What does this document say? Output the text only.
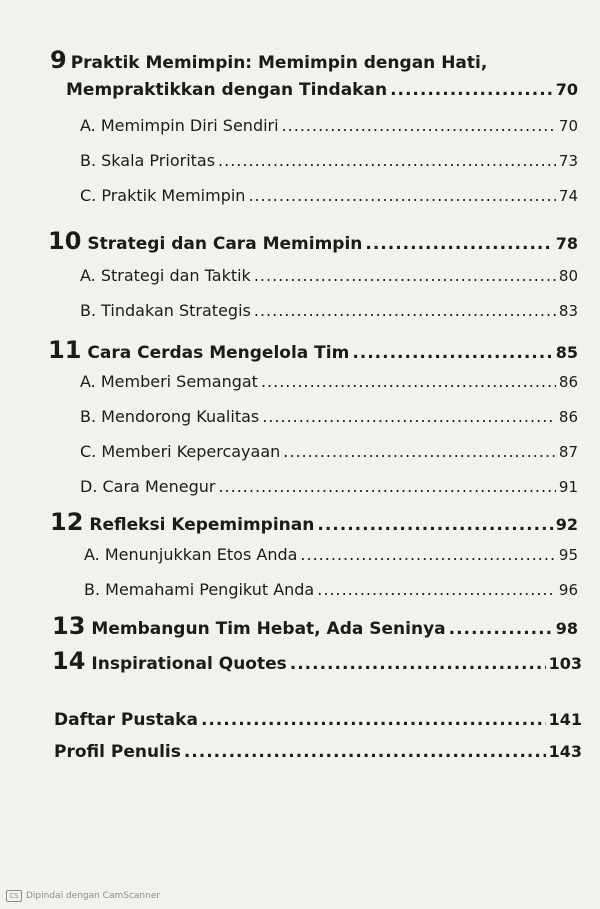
9 Praktik Memimpin: Memimpin dengan Hati,
Mempraktikkan dengan Tindakan .....	70
A. Memimpin Diri Sendiri .....	70
B. Skala Prioritas .....	73
C. Praktik Memimpin .....	74
10 Strategi dan Cara Memimpin .....	78
A. Strategi dan Taktik .....	80
B. Tindakan Strategis .....	83
11 Cara Cerdas Mengelola Tim .....	85
A. Memberi Semangat .....	86
B. Mendorong Kualitas .....	86
C. Memberi Kepercayaan .....	87
D. Cara Menegur .....	91
12 Refleksi Kepemimpinan .....	92
A. Menunjukkan Etos Anda .....	95
B. Memahami Pengikut Anda .....	96
13 Membangun Tim Hebat, Ada Seninya .....	98
14 Inspirational Quotes .....	103
Daftar Pustaka .....	141
Profil Penulis .....	143
CS Dipindai dengan CamScanner
